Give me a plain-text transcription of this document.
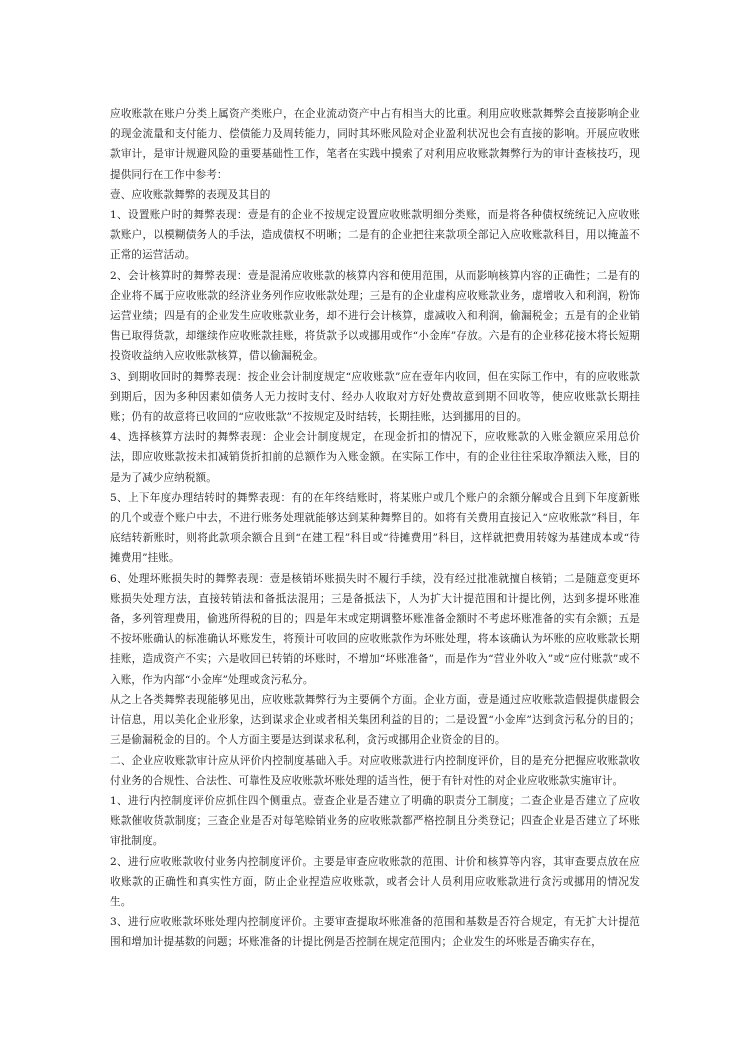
应收账款在账户分类上属资产类账户，在企业流动资产中占有相当大的比重。利用应收账款舞弊会直接影响企业的现金流量和支付能力、偿债能力及周转能力，同时其坏账风险对企业盈利状况也会有直接的影响。开展应收账款审计，是审计规避风险的重要基础性工作，笔者在实践中摸索了对利用应收账款舞弊行为的审计查核技巧，现提供同行在工作中参考：

壹、应收账款舞弊的表现及其目的

1、设置账户时的舞弊表现：壹是有的企业不按规定设置应收账款明细分类账，而是将各种债权统统记入应收账款账户，以模糊债务人的手法，造成债权不明晰；二是有的企业把往来款项全部记入应收账款科目，用以掩盖不正常的运营活动。

2、会计核算时的舞弊表现：壹是混淆应收账款的核算内容和使用范围，从而影响核算内容的正确性；二是有的企业将不属于应收账款的经济业务列作应收账款处理；三是有的企业虚构应收账款业务，虚增收入和利润，粉饰运营业绩；四是有的企业发生应收账款业务，却不进行会计核算，虚减收入和利润，偷漏税金；五是有的企业销售已取得货款，却继续作应收账款挂账，将货款予以或挪用或作“小金库”存放。六是有的企业移花接木将长短期投资收益纳入应收账款核算，借以偷漏税金。

3、到期收回时的舞弊表现：按企业会计制度规定“应收账款”应在壹年内收回，但在实际工作中，有的应收账款到期后，因为多种因素如债务人无力按时支付、经办人收取对方好处费故意到期不回收等，使应收账款长期挂账；仍有的故意将已收回的“应收账款”不按规定及时结转，长期挂账，达到挪用的目的。

4、选择核算方法时的舞弊表现：企业会计制度规定，在现金折扣的情况下，应收账款的入账金额应采用总价法，即应收账款按未扣减销货折扣前的总额作为入账金额。在实际工作中，有的企业往往采取净额法入账，目的是为了减少应纳税额。

5、上下年度办理结转时的舞弊表现：有的在年终结账时，将某账户或几个账户的余额分解或合且到下年度新账的几个或壹个账户中去，不进行账务处理就能够达到某种舞弊目的。如将有关费用直接记入“应收账款”科目，年底结转新账时，则将此款项余额合且到“在建工程”科目或“待摊费用”科目，这样就把费用转嫁为基建成本或“待摊费用”挂账。

6、处理坏账损失时的舞弊表现：壹是核销坏账损失时不履行手续，没有经过批准就擅自核销；二是随意变更坏账损失处理方法，直接转销法和备抵法混用；三是备抵法下，人为扩大计提范围和计提比例，达到多提坏账准备，多列管理费用，偷逃所得税的目的；四是年末或定期调整坏账准备金额时不考虑坏账准备的实有余额；五是不按坏账确认的标准确认坏账发生，将预计可收回的应收账款作为坏账处理，将本该确认为坏账的应收账款长期挂账，造成资产不实；六是收回已转销的坏账时，不增加“坏账准备”，而是作为“营业外收入”或“应付账款”或不入账，作为内部“小金库”处理或贪污私分。

从之上各类舞弊表现能够见出，应收账款舞弊行为主要俩个方面。企业方面，壹是通过应收账款造假提供虚假会计信息，用以美化企业形象，达到谋求企业或者相关集团利益的目的；二是设置“小金库”达到贪污私分的目的；三是偷漏税金的目的。个人方面主要是达到谋求私利，贪污或挪用企业资金的目的。

二、企业应收账款审计应从评价内控制度基础入手。对应收账款进行内控制度评价，目的是充分把握应收账款收付业务的合规性、合法性、可靠性及应收账款坏账处理的适当性，便于有针对性的对企业应收账款实施审计。

1、进行内控制度评价应抓住四个侧重点。壹查企业是否建立了明确的职责分工制度；二查企业是否建立了应收账款催收货款制度；三查企业是否对每笔赊销业务的应收账款都严格控制且分类登记；四查企业是否建立了坏账审批制度。

2、进行应收账款收付业务内控制度评价。主要是审查应收账款的范围、计价和核算等内容，其审查要点放在应收账款的正确性和真实性方面，防止企业捏造应收账款，或者会计人员利用应收账款进行贪污或挪用的情况发生。

3、进行应收账款坏账处理内控制度评价。主要审查提取坏账准备的范围和基数是否符合规定，有无扩大计提范围和增加计提基数的问题；坏账准备的计提比例是否控制在规定范围内；企业发生的坏账是否确实存在，
